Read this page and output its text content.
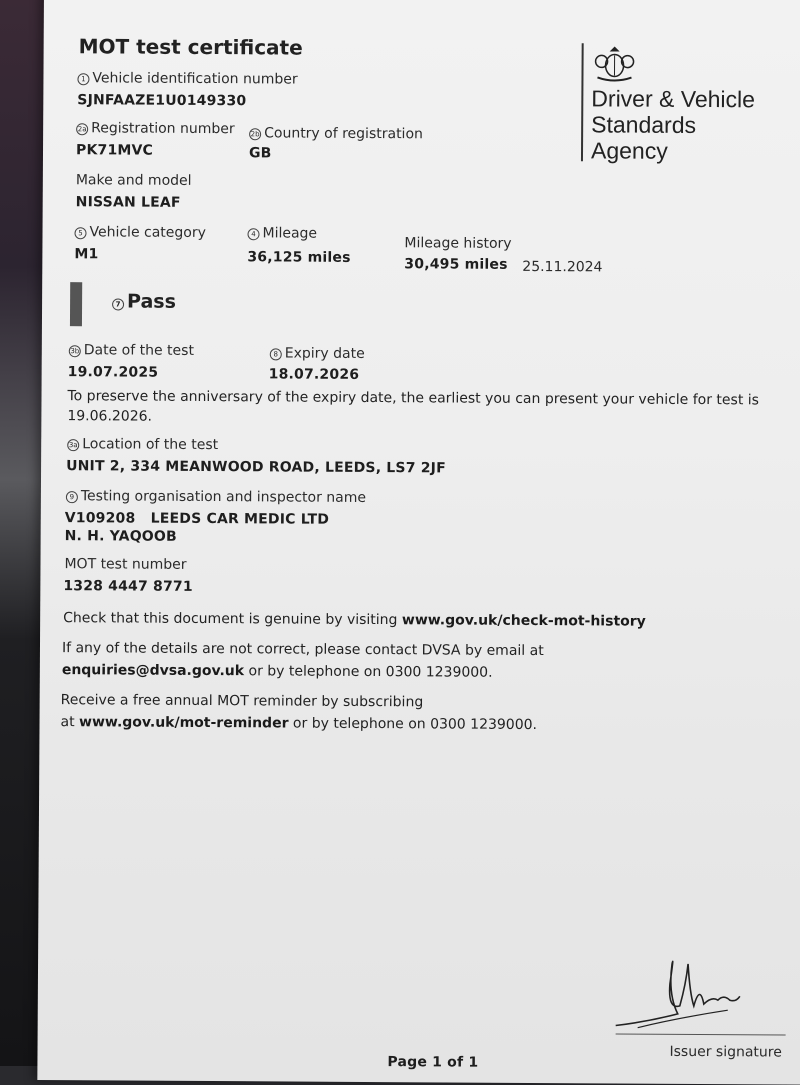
MOT test certificate
Driver & Vehicle
Standards
Agency
1 Vehicle identification number
SJNFAAZE1U0149330
2a Registration number
PK71MVC
2b Country of registration
GB
Make and model
NISSAN LEAF
5 Vehicle category
M1
4 Mileage
36,125 miles
Mileage history
30,495 miles 25.11.2024
7 Pass
3b Date of the test
19.07.2025
8 Expiry date
18.07.2026
To preserve the anniversary of the expiry date, the earliest you can present your vehicle for test is
19.06.2026.
3a Location of the test
UNIT 2, 334 MEANWOOD ROAD, LEEDS, LS7 2JF
9 Testing organisation and inspector name
V109208   LEEDS CAR MEDIC LTD
N. H. YAQOOB
MOT test number
1328 4447 8771
Check that this document is genuine by visiting www.gov.uk/check-mot-history
If any of the details are not correct, please contact DVSA by email at
enquiries@dvsa.gov.uk or by telephone on 0300 1239000.
Receive a free annual MOT reminder by subscribing
at www.gov.uk/mot-reminder or by telephone on 0300 1239000.
Issuer signature
Page 1 of 1
